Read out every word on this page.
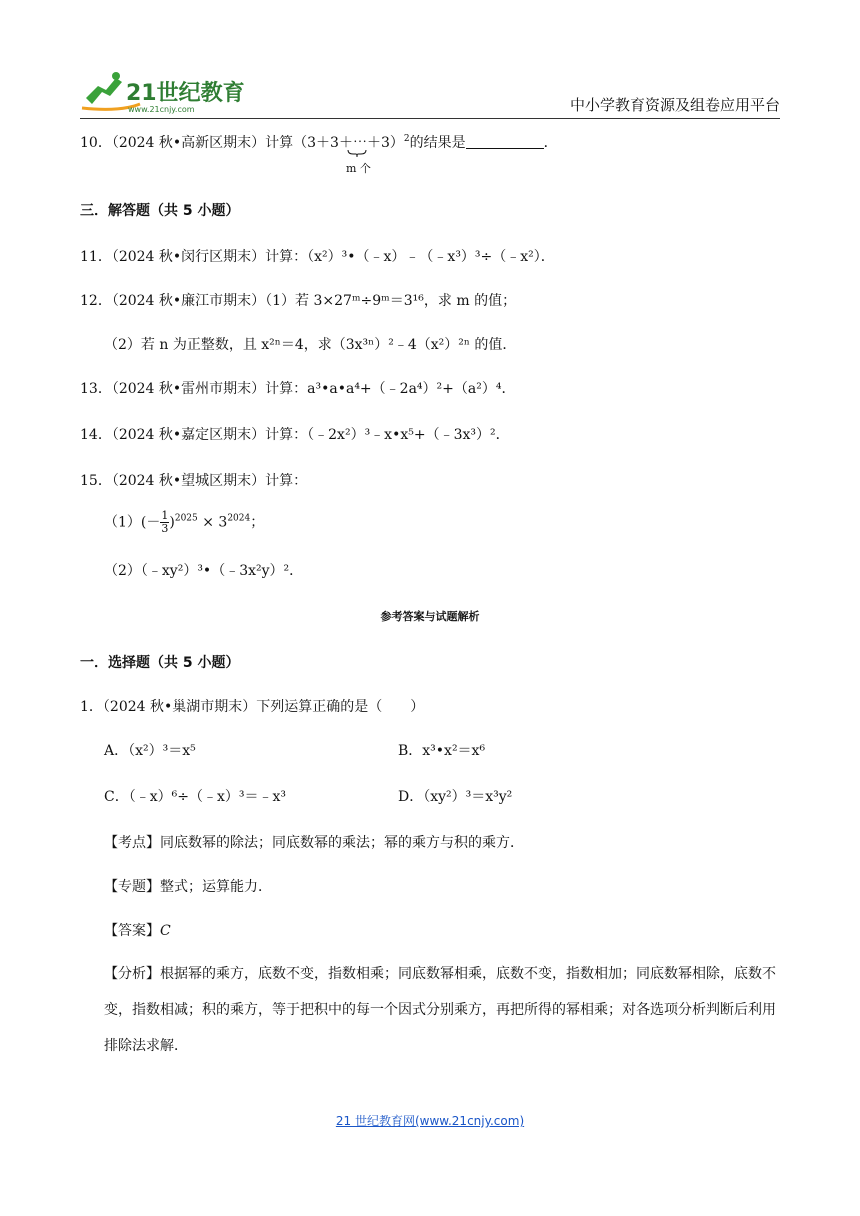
21世纪教育
www.21cnjy.com	中小学教育资源及组卷应用平台
10．（2024 秋•高新区期末）计算（3＋3＋⋯＋3）$^2$的结果是	．
m 个
三．解答题（共 5 小题）
11．（2024 秋•闵行区期末）计算：（x²）³•（﹣x）﹣（﹣x³）³÷（﹣x²）．
12．（2024 秋•廉江市期末）（1）若 3×27ᵐ÷9ᵐ＝3¹⁶，求 m 的值；
（2）若 n 为正整数，且 x²ⁿ＝4，求（3x³ⁿ）²﹣4（x²）²ⁿ 的值．
13．（2024 秋•雷州市期末）计算：a³•a•a⁴+（﹣2a⁴）²+（a²）⁴．
14．（2024 秋•嘉定区期末）计算：（﹣2x²）³﹣x•x⁵+（﹣3x³）²．
15．（2024 秋•望城区期末）计算：
$(1)(- \frac{1}{3} )^{2025} \times 3^{2024}$；
（2）（﹣xy²）³•（﹣3x²y）²．
参考答案与试题解析
一．选择题（共 5 小题）
1．（2024 秋•巢湖市期末）下列运算正确的是（　　）
A．（x²）³＝x⁵	B．x³•x²＝x⁶
C．（﹣x）⁶÷（﹣x）³＝﹣x³	D．（xy²）³＝x³y²
【考点】同底数幂的除法；同底数幂的乘法；幂的乘方与积的乘方．
【专题】整式；运算能力．
【答案】C
【分析】根据幂的乘方，底数不变，指数相乘；同底数幂相乘，底数不变，指数相加；同底数幂相除，底数不变，指数相减；积的乘方，等于把积中的每一个因式分别乘方，再把所得的幂相乘；对各选项分析判断后利用排除法求解．
21 世纪教育网(www.21cnjy.com)
